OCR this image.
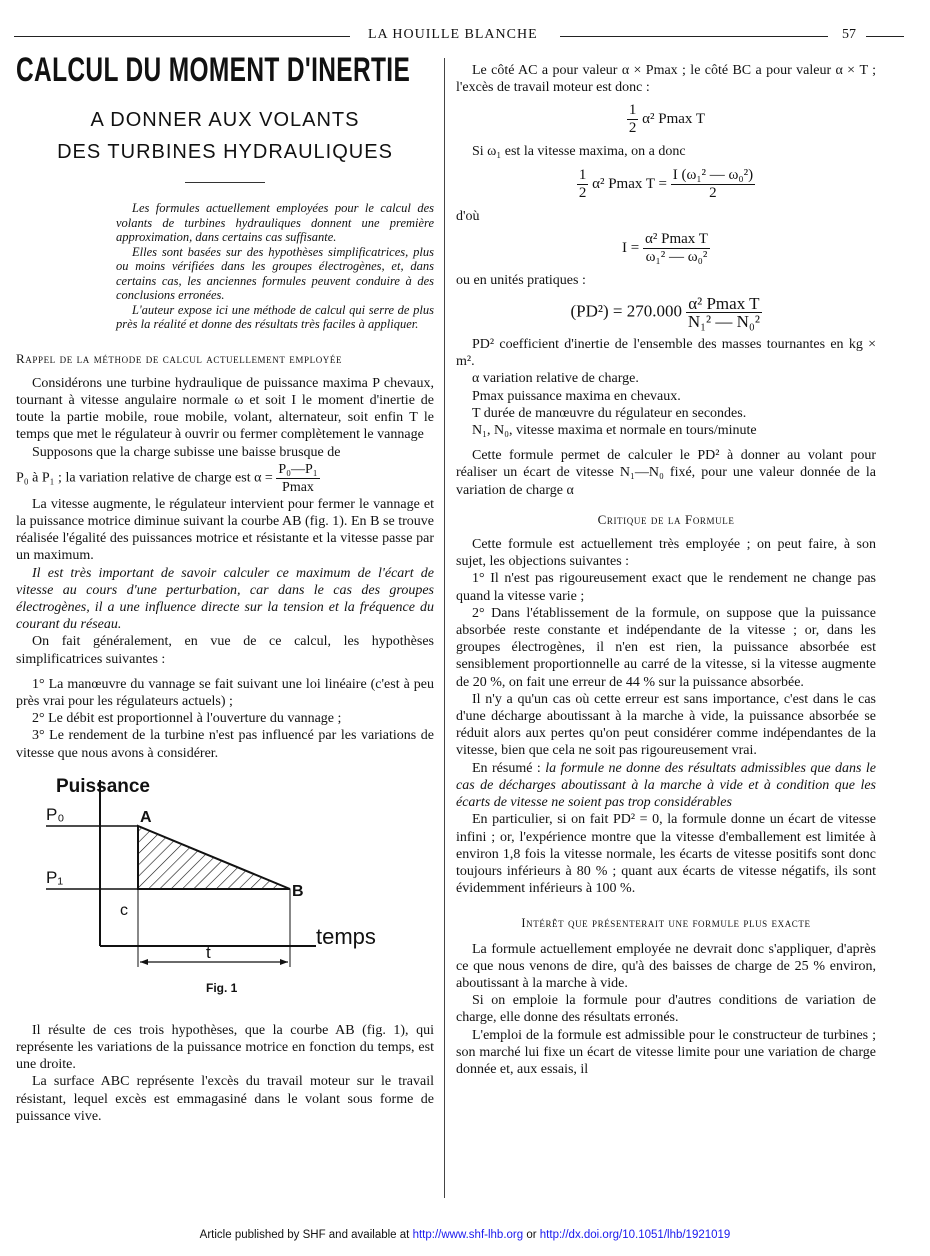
LA HOUILLE BLANCHE	57
CALCUL DU MOMENT D'INERTIE
A DONNER AUX VOLANTS
DES TURBINES HYDRAULIQUES

Les formules actuellement employées pour le calcul des volants de turbines hydrauliques donnent une première approximation, dans certains cas suffisante.

Elles sont basées sur des hypothèses simplificatrices, plus ou moins vérifiées dans les groupes électrogènes, et, dans certains cas, les anciennes formules peuvent conduire à des conclusions erronées.

L'auteur expose ici une méthode de calcul qui serre de plus près la réalité et donne des résultats très faciles à appliquer.

Rappel de la méthode de calcul actuellement employée

Considérons une turbine hydraulique de puissance maxima P chevaux, tournant à vitesse angulaire normale ω et soit I le moment d'inertie de toute la partie mobile, roue mobile, volant, alternateur, soit enfin T le temps que met le régulateur à ouvrir ou fermer complètement le vannage

Supposons que la charge subisse une baisse brusque de

P₀ à P₁ ; la variation relative de charge est $\alpha = \frac{\text{P₀—P₁}}{Pmax}$

La vitesse augmente, le régulateur intervient pour fermer le vannage et la puissance motrice diminue suivant la courbe AB (fig. 1). En B se trouve réalisée l'égalité des puissances motrice et résistante et la vitesse passe par un maximum.

Il est très important de savoir calculer ce maximum de l'écart de vitesse au cours d'une perturbation, car dans le cas des groupes électrogènes, il a une influence directe sur la tension et la fréquence du courant du réseau.

On fait généralement, en vue de ce calcul, les hypothèses simplificatrices suivantes :

1° La manœuvre du vannage se fait suivant une loi linéaire (c'est à peu près vrai pour les régulateurs actuels) ;

2° Le débit est proportionnel à l'ouverture du vannage ;

3° Le rendement de la turbine n'est pas influencé par les variations de vitesse que nous avons à considérer.

Puissance
temps
P₀
P₁
A
B
c
t
Fig. 1

Il résulte de ces trois hypothèses, que la courbe AB (fig. 1), qui représente les variations de la puissance motrice en fonction du temps, est une droite.

La surface ABC représente l'excès du travail moteur sur le travail résistant, lequel excès est emmagasiné dans le volant sous forme de puissance vive.

Le côté AC a pour valeur α × Pmax ; le côté BC a pour valeur α × T ; l'excès de travail moteur est donc :

$\frac{1}{2} \alpha^2$ Pmax T

Si ω₁ est la vitesse maxima, on a donc

$\frac{1}{2} \alpha^2$ Pmax $T = \frac{\text{I (ω₁² — ω₀²)}}{2}$

d'où

$I = \frac{\text{α² Pmax T}}{\text{ω₁² — ω₀²}}$

ou en unités pratiques :

$(PD^2) = 270.000 \frac{\text{α² Pmax T}}{\text{N₁² — N₀²}}$

PD² coefficient d'inertie de l'ensemble des masses tournantes en kg × m².

α variation relative de charge.

Pmax puissance maxima en chevaux.

T durée de manœuvre du régulateur en secondes.

N₁, N₀, vitesse maxima et normale en tours/minute

Cette formule permet de calculer le PD² à donner au volant pour réaliser un écart de vitesse N₁—N₀ fixé, pour une valeur donnée de la variation de charge α

Critique de la Formule

Cette formule est actuellement très employée ; on peut faire, à son sujet, les objections suivantes :

1° Il n'est pas rigoureusement exact que le rendement ne change pas quand la vitesse varie ;

2° Dans l'établissement de la formule, on suppose que la puissance absorbée reste constante et indépendante de la vitesse ; or, dans les groupes électrogènes, il n'en est rien, la puissance absorbée est sensiblement proportionnelle au carré de la vitesse, si la vitesse augmente de 20 %, on fait une erreur de 44 % sur la puissance absorbée.

Il n'y a qu'un cas où cette erreur est sans importance, c'est dans le cas d'une décharge aboutissant à la marche à vide, la puissance absorbée se réduit alors aux pertes qu'on peut considérer comme indépendantes de la vitesse, bien que cela ne soit pas rigoureusement vrai.

En résumé : la formule ne donne des résultats admissibles que dans le cas de décharges aboutissant à la marche à vide et à condition que les écarts de vitesse ne soient pas trop considérables

En particulier, si on fait PD² = 0, la formule donne un écart de vitesse infini ; or, l'expérience montre que la vitesse d'emballement est limitée à environ 1,8 fois la vitesse normale, les écarts de vitesse positifs sont donc toujours inférieurs à 80 % ; quant aux écarts de vitesse négatifs, ils sont évidemment inférieurs à 100 %.

Intérêt que présenterait une formule plus exacte

La formule actuellement employée ne devrait donc s'appliquer, d'après ce que nous venons de dire, qu'à des baisses de charge de 25 % environ, aboutissant à la marche à vide.

Si on emploie la formule pour d'autres conditions de variation de charge, elle donne des résultats erronés.

L'emploi de la formule est admissible pour le constructeur de turbines ; son marché lui fixe un écart de vitesse limite pour une variation de charge donnée et, aux essais, il

Article published by SHF and available at http://www.shf-lhb.org or http://dx.doi.org/10.1051/lhb/1921019
